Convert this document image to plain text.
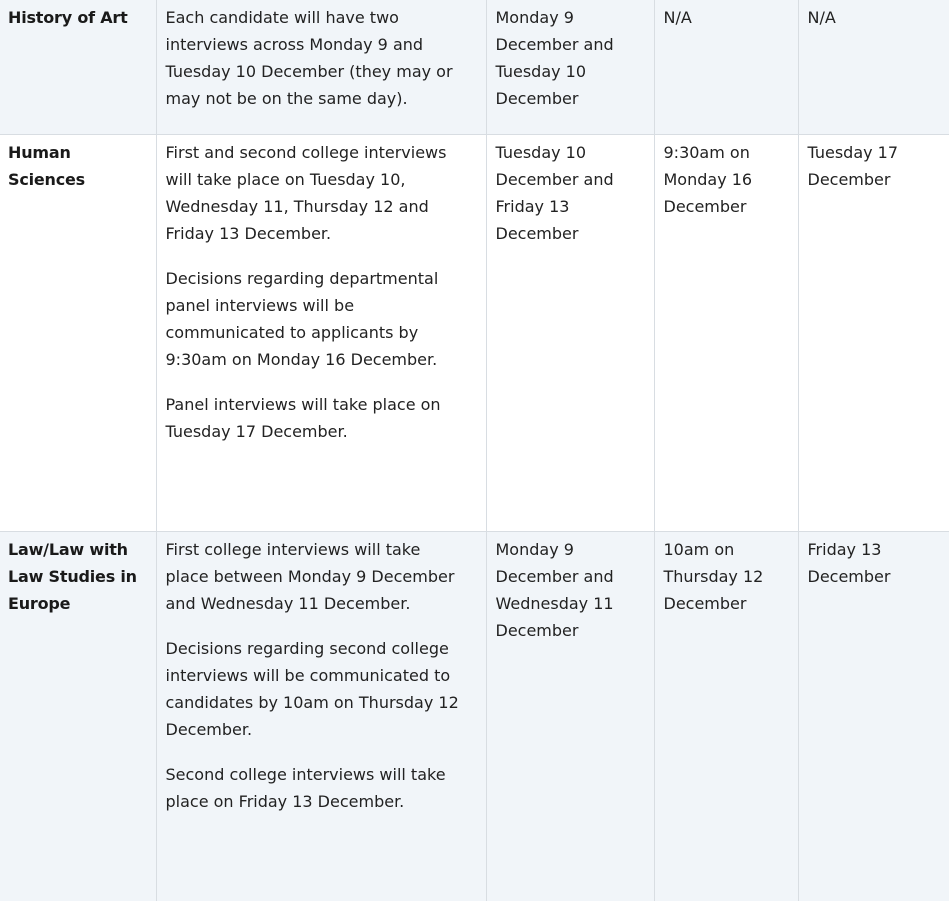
History of Art	Each candidate will have two interviews across Monday 9 and Tuesday 10 December (they may or may not be on the same day).	Monday 9 December and Tuesday 10 December	N/A	N/A
Human Sciences	First and second college interviews will take place on Tuesday 10, Wednesday 11, Thursday 12 and Friday 13 December.

Decisions regarding departmental panel interviews will be communicated to applicants by 9:30am on Monday 16 December.

Panel interviews will take place on Tuesday 17 December.	Tuesday 10 December and Friday 13 December	9:30am on Monday 16 December	Tuesday 17 December
Law/Law with Law Studies in Europe	First college interviews will take place between Monday 9 December and Wednesday 11 December.

Decisions regarding second college interviews will be communicated to candidates by 10am on Thursday 12 December.

Second college interviews will take place on Friday 13 December.	Monday 9 December and Wednesday 11 December	10am on Thursday 12 December	Friday 13 December
